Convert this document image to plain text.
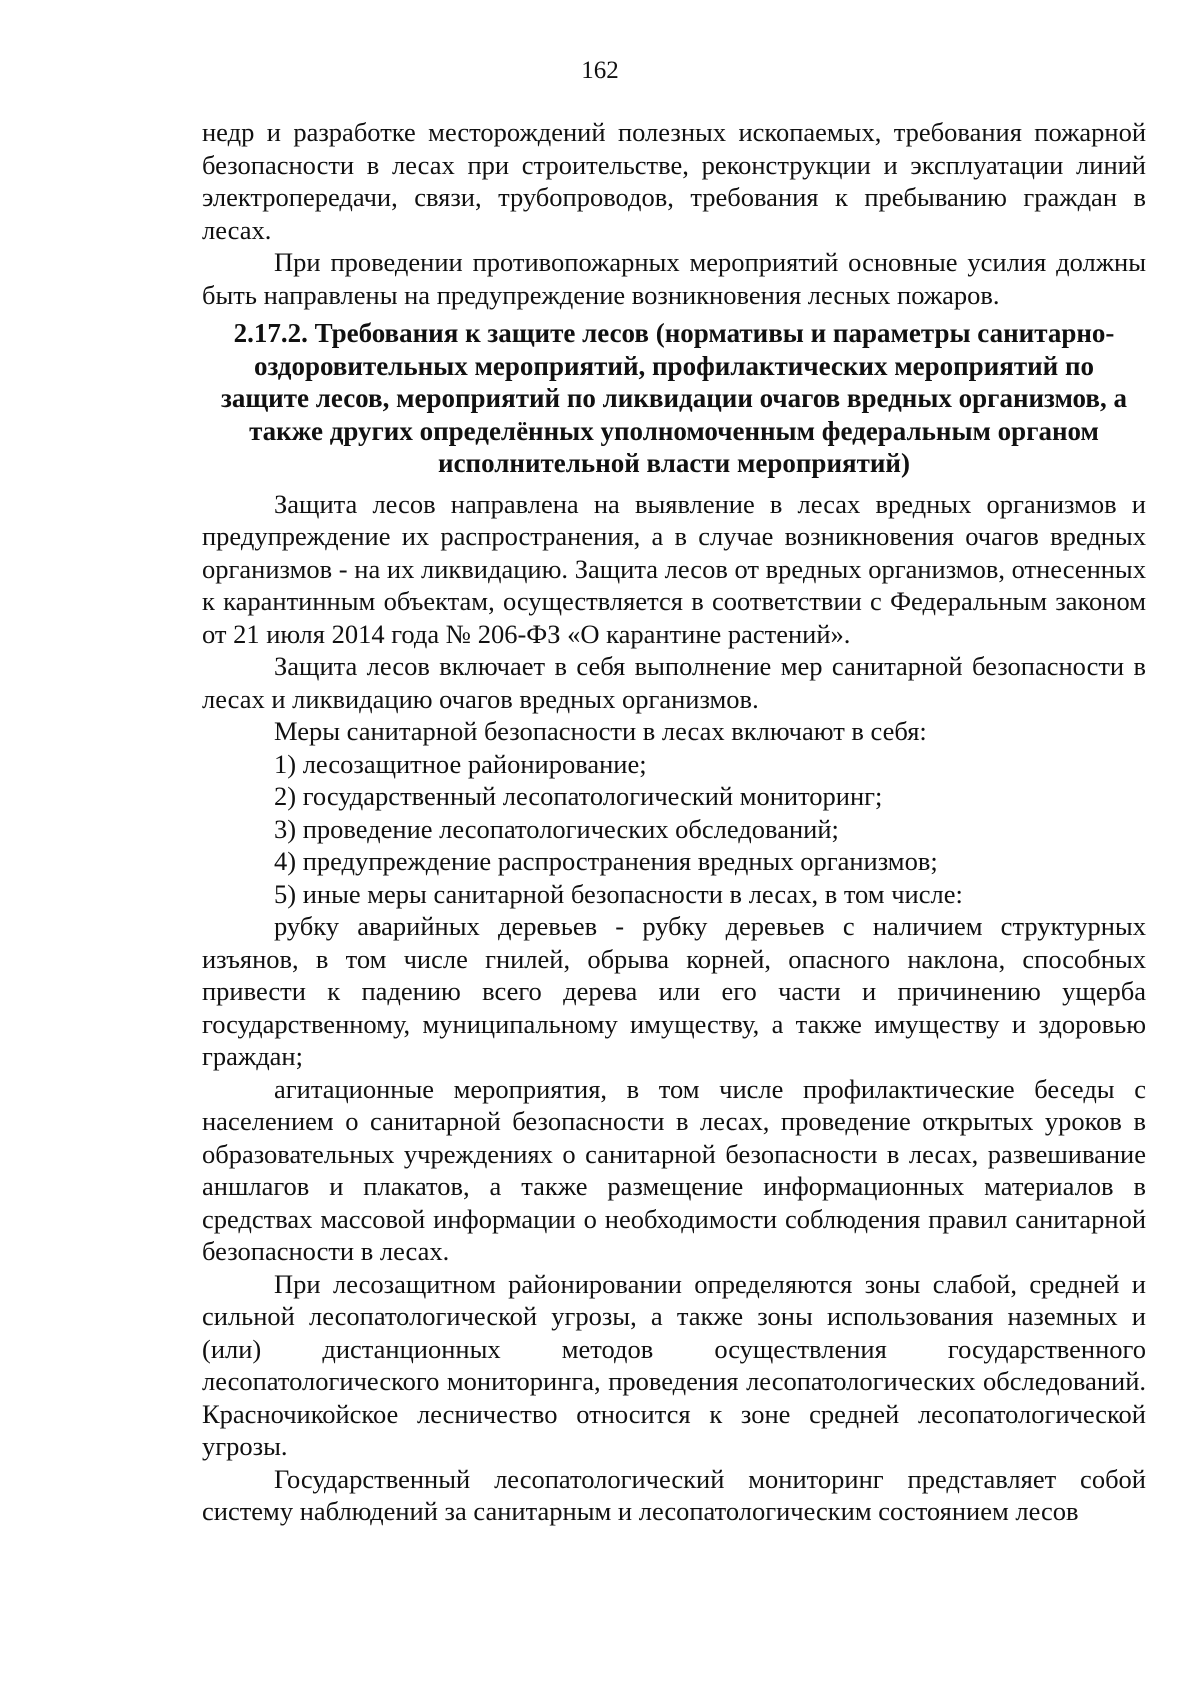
162

недр и разработке месторождений полезных ископаемых, требования пожарной безопасности в лесах при строительстве, реконструкции и эксплуатации линий электропередачи, связи, трубопроводов, требования к пребыванию граждан в лесах.

При проведении противопожарных мероприятий основные усилия должны быть направлены на предупреждение возникновения лесных пожаров.

2.17.2. Требования к защите лесов (нормативы и параметры санитарно-оздоровительных мероприятий, профилактических мероприятий по защите лесов, мероприятий по ликвидации очагов вредных организмов, а также других определённых уполномоченным федеральным органом исполнительной власти мероприятий)

Защита лесов направлена на выявление в лесах вредных организмов и предупреждение их распространения, а в случае возникновения очагов вредных организмов - на их ликвидацию. Защита лесов от вредных организмов, отнесенных к карантинным объектам, осуществляется в соответствии с Федеральным законом от 21 июля 2014 года № 206-ФЗ «О карантине растений».

Защита лесов включает в себя выполнение мер санитарной безопасности в лесах и ликвидацию очагов вредных организмов.

Меры санитарной безопасности в лесах включают в себя:

1) лесозащитное районирование;

2) государственный лесопатологический мониторинг;

3) проведение лесопатологических обследований;

4) предупреждение распространения вредных организмов;

5) иные меры санитарной безопасности в лесах, в том числе:

рубку аварийных деревьев - рубку деревьев с наличием структурных изъянов, в том числе гнилей, обрыва корней, опасного наклона, способных привести к падению всего дерева или его части и причинению ущерба государственному, муниципальному имуществу, а также имуществу и здоровью граждан;

агитационные мероприятия, в том числе профилактические беседы с населением о санитарной безопасности в лесах, проведение открытых уроков в образовательных учреждениях о санитарной безопасности в лесах, развешивание аншлагов и плакатов, а также размещение информационных материалов в средствах массовой информации о необходимости соблюдения правил санитарной безопасности в лесах.

При лесозащитном районировании определяются зоны слабой, средней и сильной лесопатологической угрозы, а также зоны использования наземных и (или) дистанционных методов осуществления государственного лесопатологического мониторинга, проведения лесопатологических обследований. Красночикойское лесничество относится к зоне средней лесопатологической угрозы.

Государственный лесопатологический мониторинг представляет собой систему наблюдений за санитарным и лесопатологическим состоянием лесов
